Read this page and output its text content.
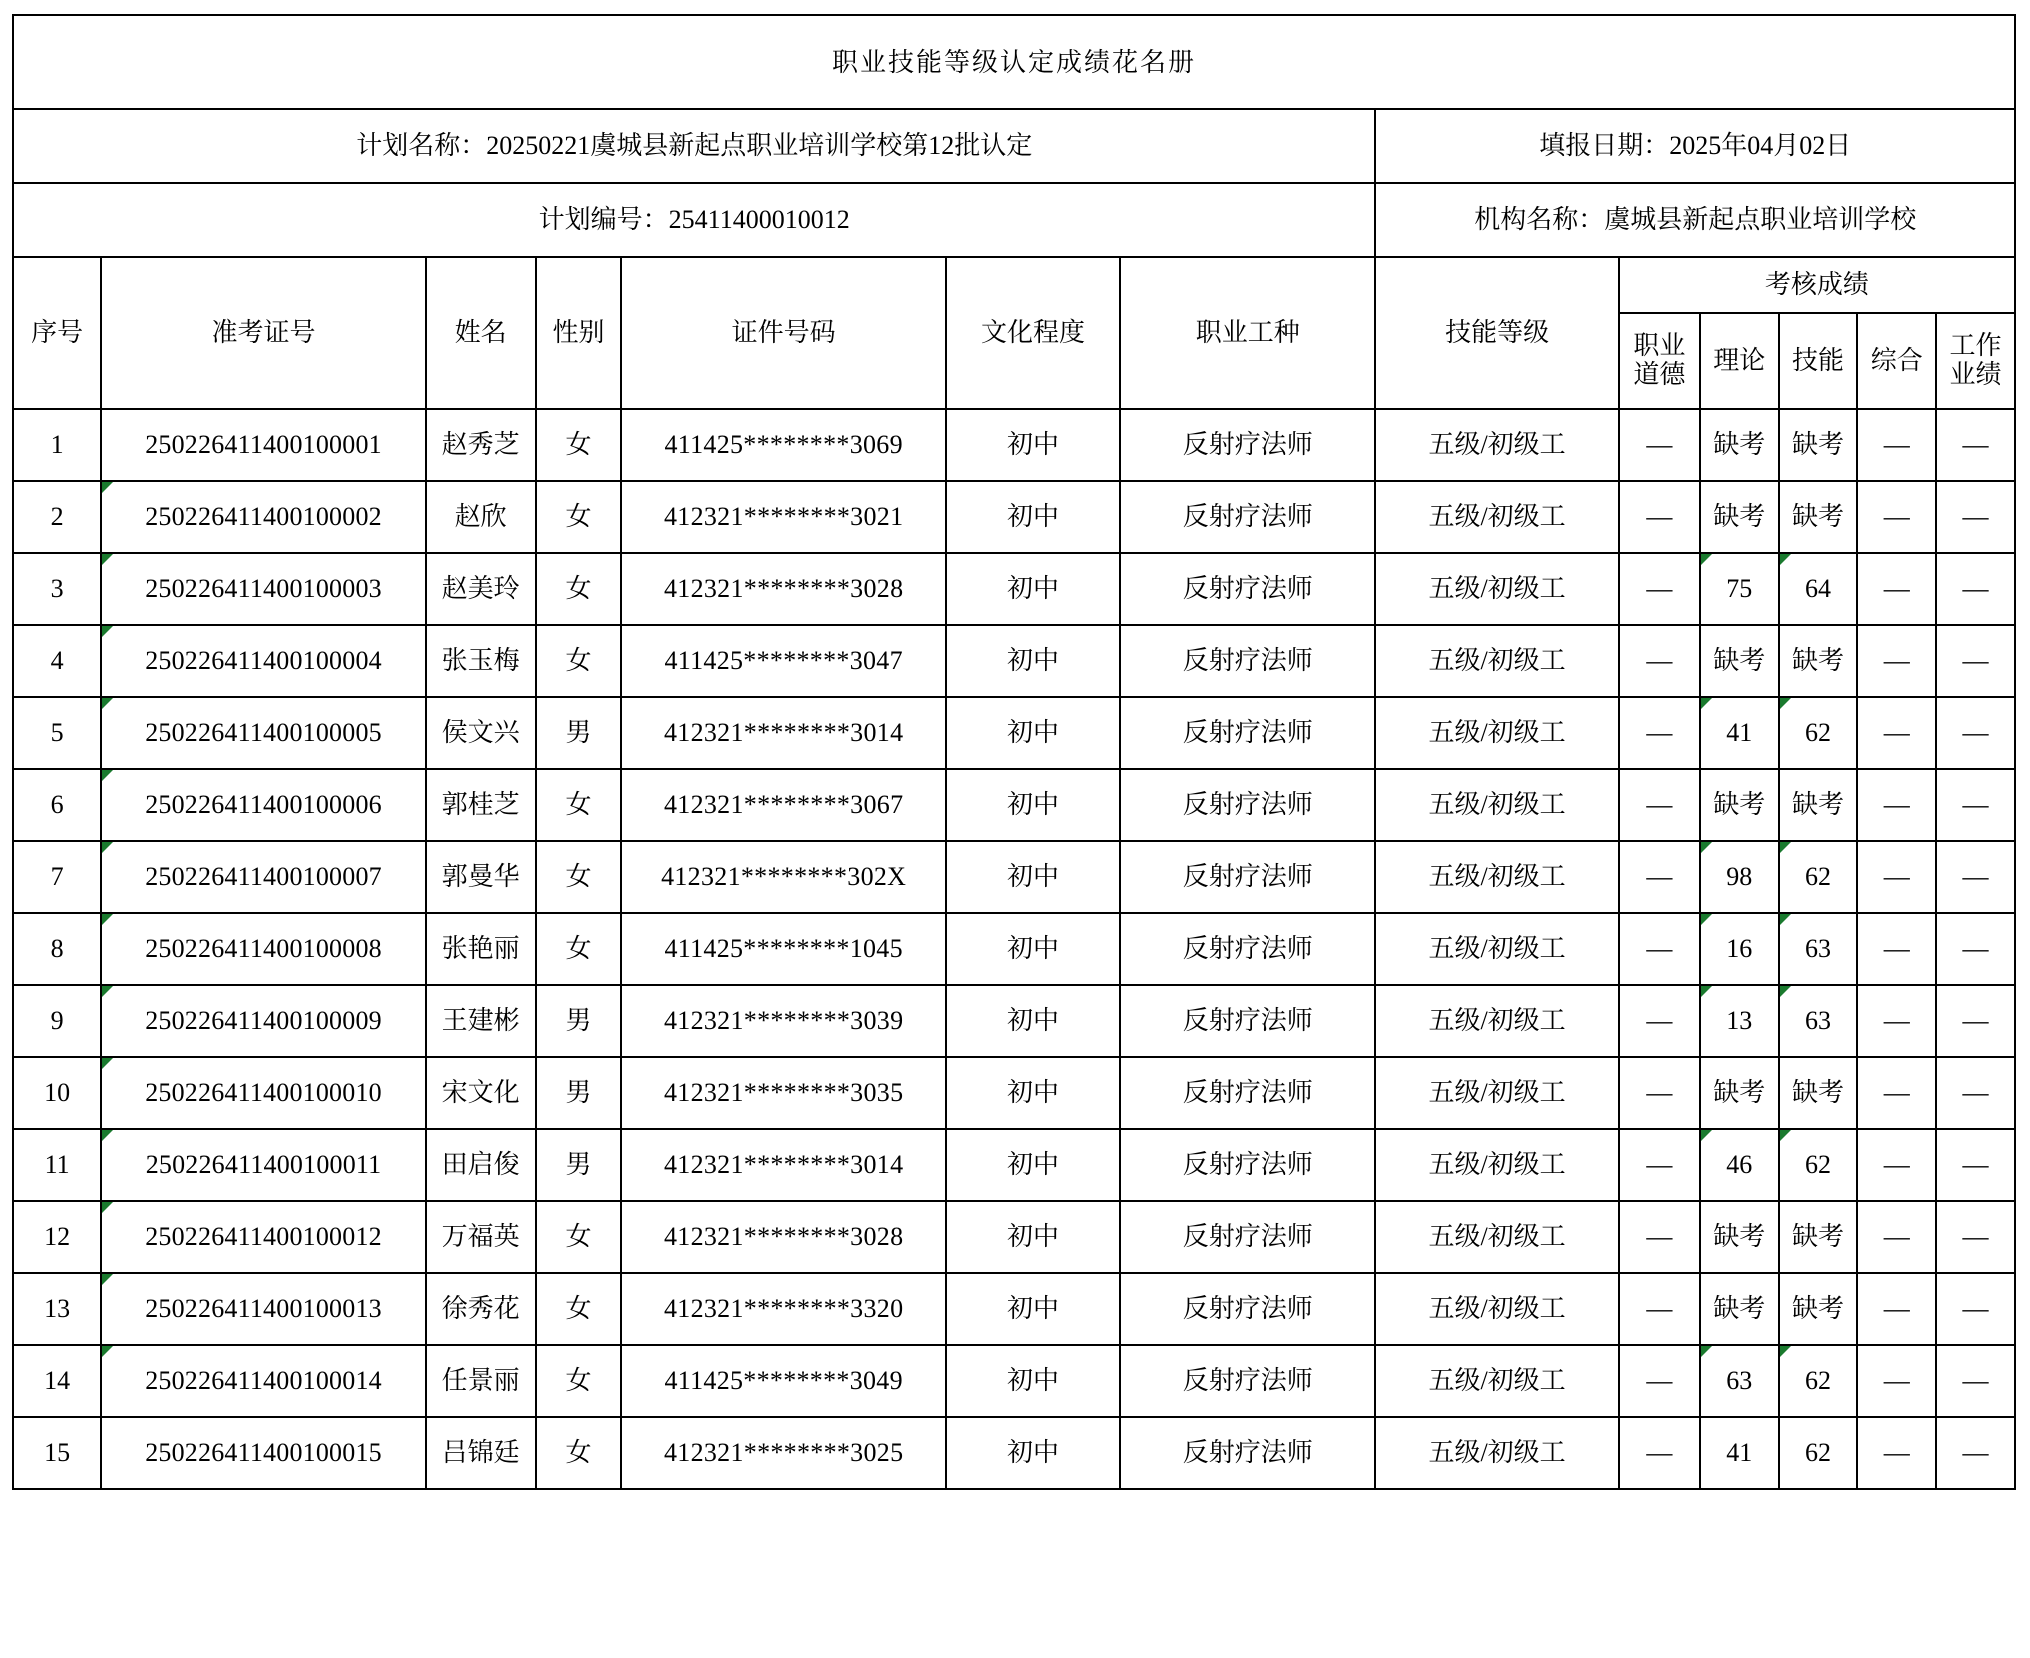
职业技能等级认定成绩花名册												
计划名称：20250221虞城县新起点职业培训学校第12批认定							填报日期：2025年04月02日					
计划编号：25411400010012							机构名称：虞城县新起点职业培训学校					
序号	准考证号	姓名	性别	证件号码	文化程度	职业工种	技能等级	考核成绩				
								职业道德	理论	技能	综合	工作业绩
1	250226411400100001	赵秀芝	女	411425********3069	初中	反射疗法师	五级/初级工	—	缺考	缺考	—	—
2	250226411400100002	赵欣	女	412321********3021	初中	反射疗法师	五级/初级工	—	缺考	缺考	—	—
3	250226411400100003	赵美玲	女	412321********3028	初中	反射疗法师	五级/初级工	—	75	64	—	—
4	250226411400100004	张玉梅	女	411425********3047	初中	反射疗法师	五级/初级工	—	缺考	缺考	—	—
5	250226411400100005	侯文兴	男	412321********3014	初中	反射疗法师	五级/初级工	—	41	62	—	—
6	250226411400100006	郭桂芝	女	412321********3067	初中	反射疗法师	五级/初级工	—	缺考	缺考	—	—
7	250226411400100007	郭曼华	女	412321********302X	初中	反射疗法师	五级/初级工	—	98	62	—	—
8	250226411400100008	张艳丽	女	411425********1045	初中	反射疗法师	五级/初级工	—	16	63	—	—
9	250226411400100009	王建彬	男	412321********3039	初中	反射疗法师	五级/初级工	—	13	63	—	—
10	250226411400100010	宋文化	男	412321********3035	初中	反射疗法师	五级/初级工	—	缺考	缺考	—	—
11	250226411400100011	田启俊	男	412321********3014	初中	反射疗法师	五级/初级工	—	46	62	—	—
12	250226411400100012	万福英	女	412321********3028	初中	反射疗法师	五级/初级工	—	缺考	缺考	—	—
13	250226411400100013	徐秀花	女	412321********3320	初中	反射疗法师	五级/初级工	—	缺考	缺考	—	—
14	250226411400100014	任景丽	女	411425********3049	初中	反射疗法师	五级/初级工	—	63	62	—	—
15	250226411400100015	吕锦廷	女	412321********3025	初中	反射疗法师	五级/初级工	—	41	62	—	—
